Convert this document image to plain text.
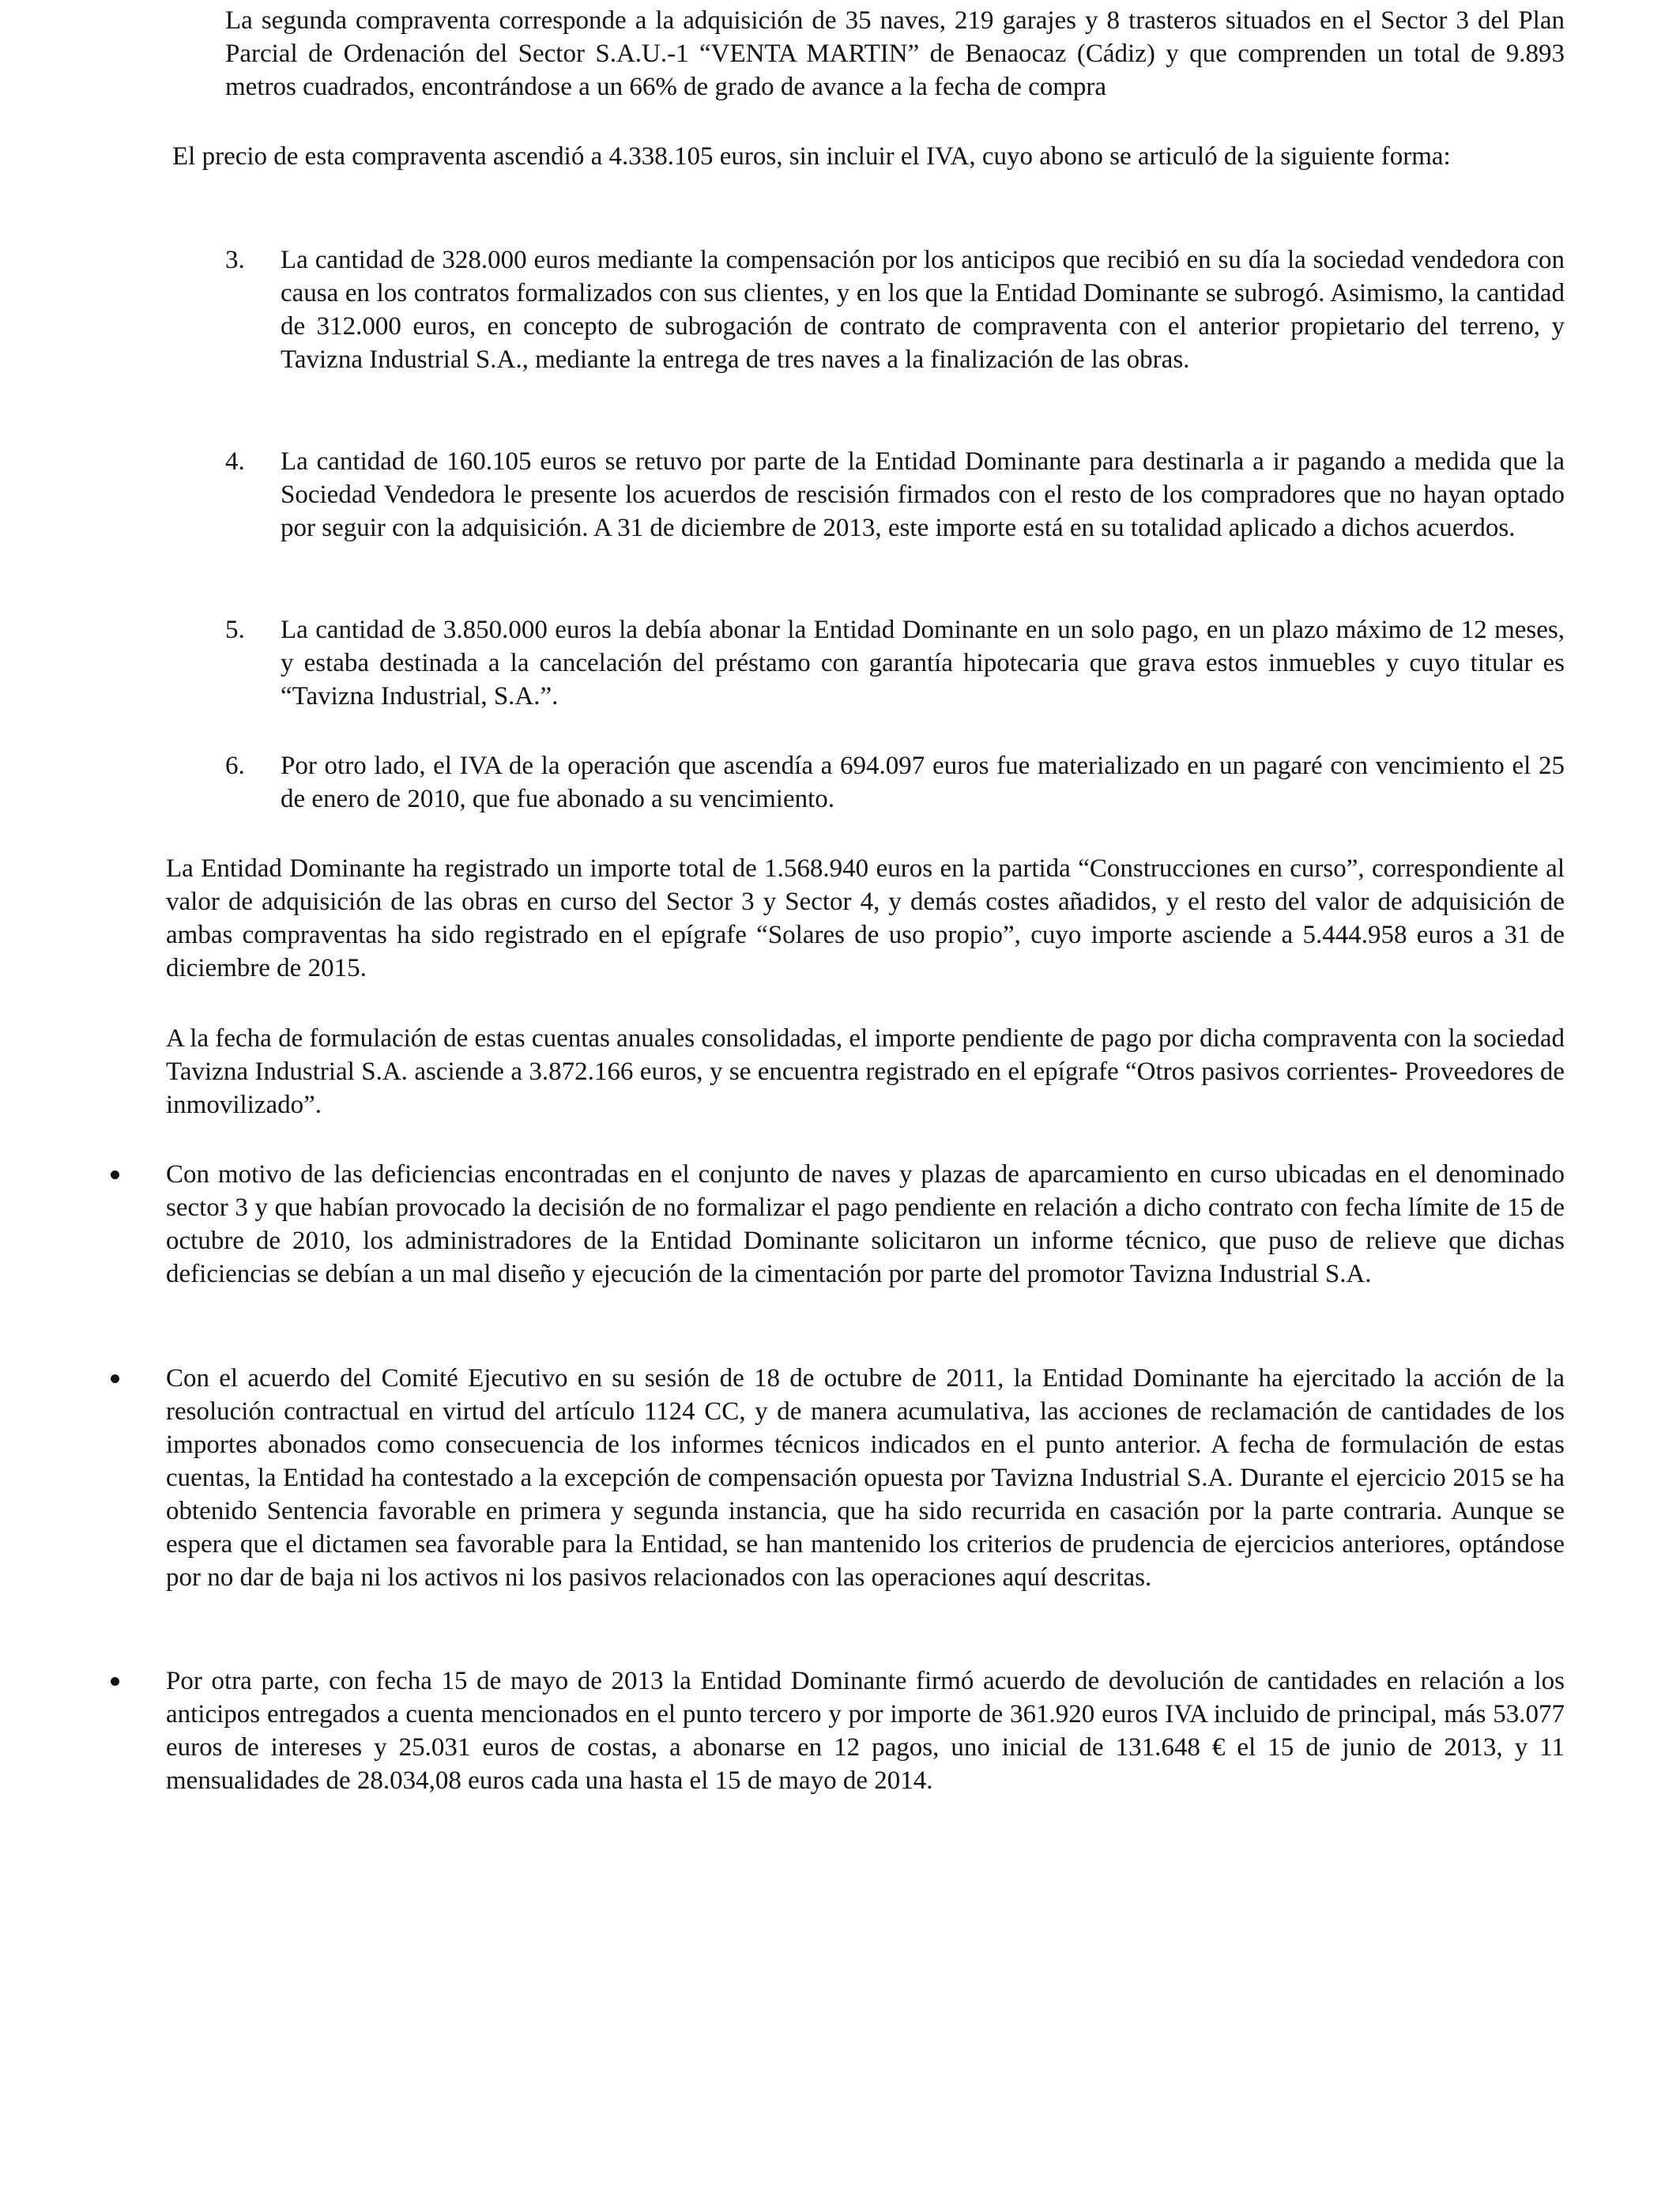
La segunda compraventa corresponde a la adquisición de 35 naves, 219 garajes y 8 trasteros situados en el Sector 3 del Plan Parcial de Ordenación del Sector S.A.U.-1 “VENTA MARTIN” de Benaocaz (Cádiz) y que comprenden un total de 9.893 metros cuadrados, encontrándose a un 66% de grado de avance a la fecha de compra

El precio de esta compraventa ascendió a 4.338.105 euros, sin incluir el IVA, cuyo abono se articuló de la siguiente forma:

3. La cantidad de 328.000 euros mediante la compensación por los anticipos que recibió en su día la sociedad vendedora con causa en los contratos formalizados con sus clientes, y en los que la Entidad Dominante se subrogó. Asimismo, la cantidad de 312.000 euros, en concepto de subrogación de contrato de compraventa con el anterior propietario del terreno, y Tavizna Industrial S.A., mediante la entrega de tres naves a la finalización de las obras.

4. La cantidad de 160.105 euros se retuvo por parte de la Entidad Dominante para destinarla a ir pagando a medida que la Sociedad Vendedora le presente los acuerdos de rescisión firmados con el resto de los compradores que no hayan optado por seguir con la adquisición. A 31 de diciembre de 2013, este importe está en su totalidad aplicado a dichos acuerdos.

5. La cantidad de 3.850.000 euros la debía abonar la Entidad Dominante en un solo pago, en un plazo máximo de 12 meses, y estaba destinada a la cancelación del préstamo con garantía hipotecaria que grava estos inmuebles y cuyo titular es “Tavizna Industrial, S.A.”.

6. Por otro lado, el IVA de la operación que ascendía a 694.097 euros fue materializado en un pagaré con vencimiento el 25 de enero de 2010, que fue abonado a su vencimiento.

La Entidad Dominante ha registrado un importe total de 1.568.940 euros en la partida “Construcciones en curso”, correspondiente al valor de adquisición de las obras en curso del Sector 3 y Sector 4, y demás costes añadidos, y el resto del valor de adquisición de ambas compraventas ha sido registrado en el epígrafe “Solares de uso propio”, cuyo importe asciende a 5.444.958 euros a 31 de diciembre de 2015.

A la fecha de formulación de estas cuentas anuales consolidadas, el importe pendiente de pago por dicha compraventa con la sociedad Tavizna Industrial S.A. asciende a 3.872.166 euros, y se encuentra registrado en el epígrafe “Otros pasivos corrientes- Proveedores de inmovilizado”.

Con motivo de las deficiencias encontradas en el conjunto de naves y plazas de aparcamiento en curso ubicadas en el denominado sector 3 y que habían provocado la decisión de no formalizar el pago pendiente en relación a dicho contrato con fecha límite de 15 de octubre de 2010, los administradores de la Entidad Dominante solicitaron un informe técnico, que puso de relieve que dichas deficiencias se debían a un mal diseño y ejecución de la cimentación por parte del promotor Tavizna Industrial S.A.

Con el acuerdo del Comité Ejecutivo en su sesión de 18 de octubre de 2011, la Entidad Dominante ha ejercitado la acción de la resolución contractual en virtud del artículo 1124 CC, y de manera acumulativa, las acciones de reclamación de cantidades de los importes abonados como consecuencia de los informes técnicos indicados en el punto anterior. A fecha de formulación de estas cuentas, la Entidad ha contestado a la excepción de compensación opuesta por Tavizna Industrial S.A. Durante el ejercicio 2015 se ha obtenido Sentencia favorable en primera y segunda instancia, que ha sido recurrida en casación por la parte contraria. Aunque se espera que el dictamen sea favorable para la Entidad, se han mantenido los criterios de prudencia de ejercicios anteriores, optándose por no dar de baja ni los activos ni los pasivos relacionados con las operaciones aquí descritas.

Por otra parte, con fecha 15 de mayo de 2013 la Entidad Dominante firmó acuerdo de devolución de cantidades en relación a los anticipos entregados a cuenta mencionados en el punto tercero y por importe de 361.920 euros IVA incluido de principal, más 53.077 euros de intereses y 25.031 euros de costas, a abonarse en 12 pagos, uno inicial de 131.648 € el 15 de junio de 2013, y 11 mensualidades de 28.034,08 euros cada una hasta el 15 de mayo de 2014.
